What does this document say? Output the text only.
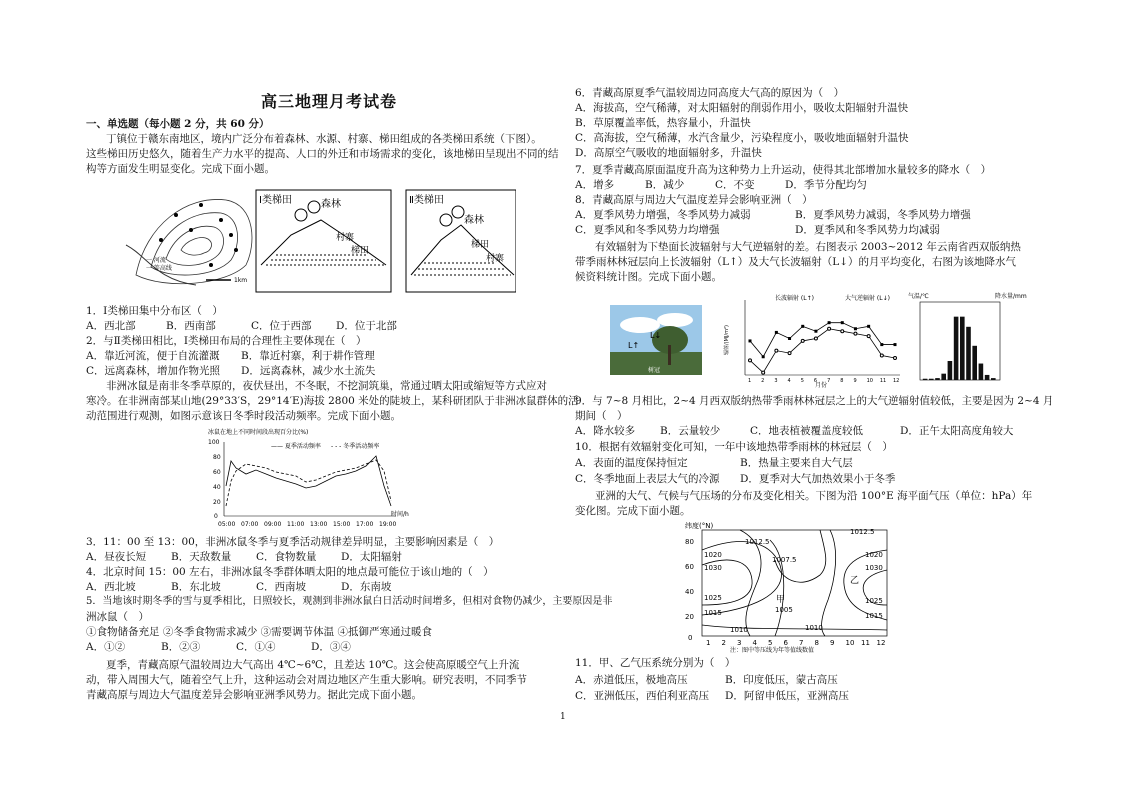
高三地理月考试卷
一、单选题（每小题 2 分，共 60 分）
丁镇位于赣东南地区，境内广泛分布着森林、水源、村寨、梯田组成的各类梯田系统（下图）。
这些梯田历史悠久，随着生产力水平的提高、人口的外迁和市场需求的变化，该地梯田呈现出不同的结
构等方面发生明显变化。完成下面小题。
一 河流
一 等高线
1km
Ⅰ类梯田	森林
村寨
梯田
Ⅱ类梯田
森林
梯田
村寨
1．Ⅰ类梯田集中分布区（　）
A．西北部	B．西南部	C．位于西部 D．位于北部
2．与Ⅱ类梯田相比，Ⅰ类梯田布局的合理性主要体现在（　）
A．靠近河流，便于自流灌溉 B．靠近村寨，利于耕作管理
C．远离森林，增加作物光照 D．远离森林，减少水土流失
非洲冰鼠是南非冬季草原的，夜伏昼出，不冬眠，不挖洞筑巢，常通过晒太阳或缩短等方式应对
寒冷。在非洲南部某山地(29°33′S，29°14′E)海拔 2800 米处的陡坡上，某科研团队于非洲冰鼠群体的活
动范围进行观测，如图示意该日冬季时段活动频率。完成下面小题。
冰鼠在地上不同时间段出现百分比(%)
—— 夏季活动频率 - - - 冬季活动频率
0
20
40
60
80
100
05:00 07:00 09:00 11:00 13:00 15:00 17:00 19:00
时间/h
3．11：00 至 13：00，非洲冰鼠冬季与夏季活动规律差异明显，主要影响因素是（　）
A．昼夜长短 B．天敌数量 C．食物数量 D．太阳辐射
4．北京时间 15：00 左右，非洲冰鼠冬季群体晒太阳的地点最可能位于该山地的（　）
A．西北坡	B．东北坡	C．西南坡	D．东南坡
5．当地该时期冬季的雪与夏季相比，日照较长，观测到非洲冰鼠白日活动时间增多，但相对食物仍减少，主要原因是非
洲冰鼠（　）
①食物储备充足 ②冬季食物需求减少 ③需要调节体温 ④抵御严寒通过暖食
A．①②	B．②③	C．①④	D．③④
夏季，青藏高原气温较周边大气高出 4℃~6℃，且差达 10℃。这会使高原暖空气上升流
动，带入周围大气，随着空气上升，这种运动会对周边地区产生重大影响。研究表明，不同季节
青藏高原与周边大气温度差异会影响亚洲季风势力。据此完成下面小题。
6．青藏高原夏季气温较周边同高度大气高的原因为（　）
A．海拔高，空气稀薄，对太阳辐射的削弱作用小，吸收太阳辐射升温快
B．草原覆盖率低，热容量小，升温快
C．高海拔，空气稀薄，水汽含量少，污染程度小，吸收地面辐射升温快
D．高原空气吸收的地面辐射多，升温快
7．夏季青藏高原面温度升高为这种势力上升运动，使得其北部增加水量较多的降水（　）
A．增多	B．减少	C．不变	D．季节分配均匀
8．青藏高原与周边大气温度差异会影响亚洲（　）
A．夏季风势力增强，冬季风势力减弱	B．夏季风势力减弱，冬季风势力增强
C．夏季风和冬季风势力均增强	D．夏季风和冬季风势力均减弱
有效辐射为下垫面长波辐射与大气逆辐射的差。右图表示 2003~2012 年云南省西双版纳热
带季雨林林冠层向上长波辐射（L↑）及大气长波辐射（L↓）的月平均变化，右图为该地降水气
候资料统计图。完成下面小题。
L↓
L↑
树冠
长波辐射 (L↑)	大气逆辐射 (L↓)
辐射/(MJ/m²)
1 2 3 4 5 6 7 8 9 10 11 12
月份
气温/℃	降水量/mm
9．与 7~8 月相比，2~4 月西双版纳热带季雨林林冠层之上的大气逆辐射值较低，主要是因为 2~4 月
期间（　）
A．降水较多 B．云量较少	C．地表植被覆盖度较低	D．正午太阳高度角较大
10．根据有效辐射变化可知，一年中该地热带季雨林的林冠层（　）
A．表面的温度保持恒定	B．热量主要来自大气层
C．冬季地面上表层大气的冷源 D．夏季对大气加热效果小于冬季
亚洲的大气、气候与气压场的分布及变化相关。下图为沿 100°E 海平面气压（单位：hPa）年
变化图。完成下面小题。
纬度(°N)
80
60
40
20
0
1010
1012.5
1020
1030
1007.5
1025
1015	1005
1010
1012.5
1020
1030
1025
1015
甲
乙
1 2 3 4 5 6 7 8 9 10 11 12
注：图中等压线为年等值线数值
11．甲、乙气压系统分别为（　）
A．赤道低压，极地高压	B．印度低压，蒙古高压
C．亚洲低压，西伯利亚高压 D．阿留申低压，亚洲高压
1
